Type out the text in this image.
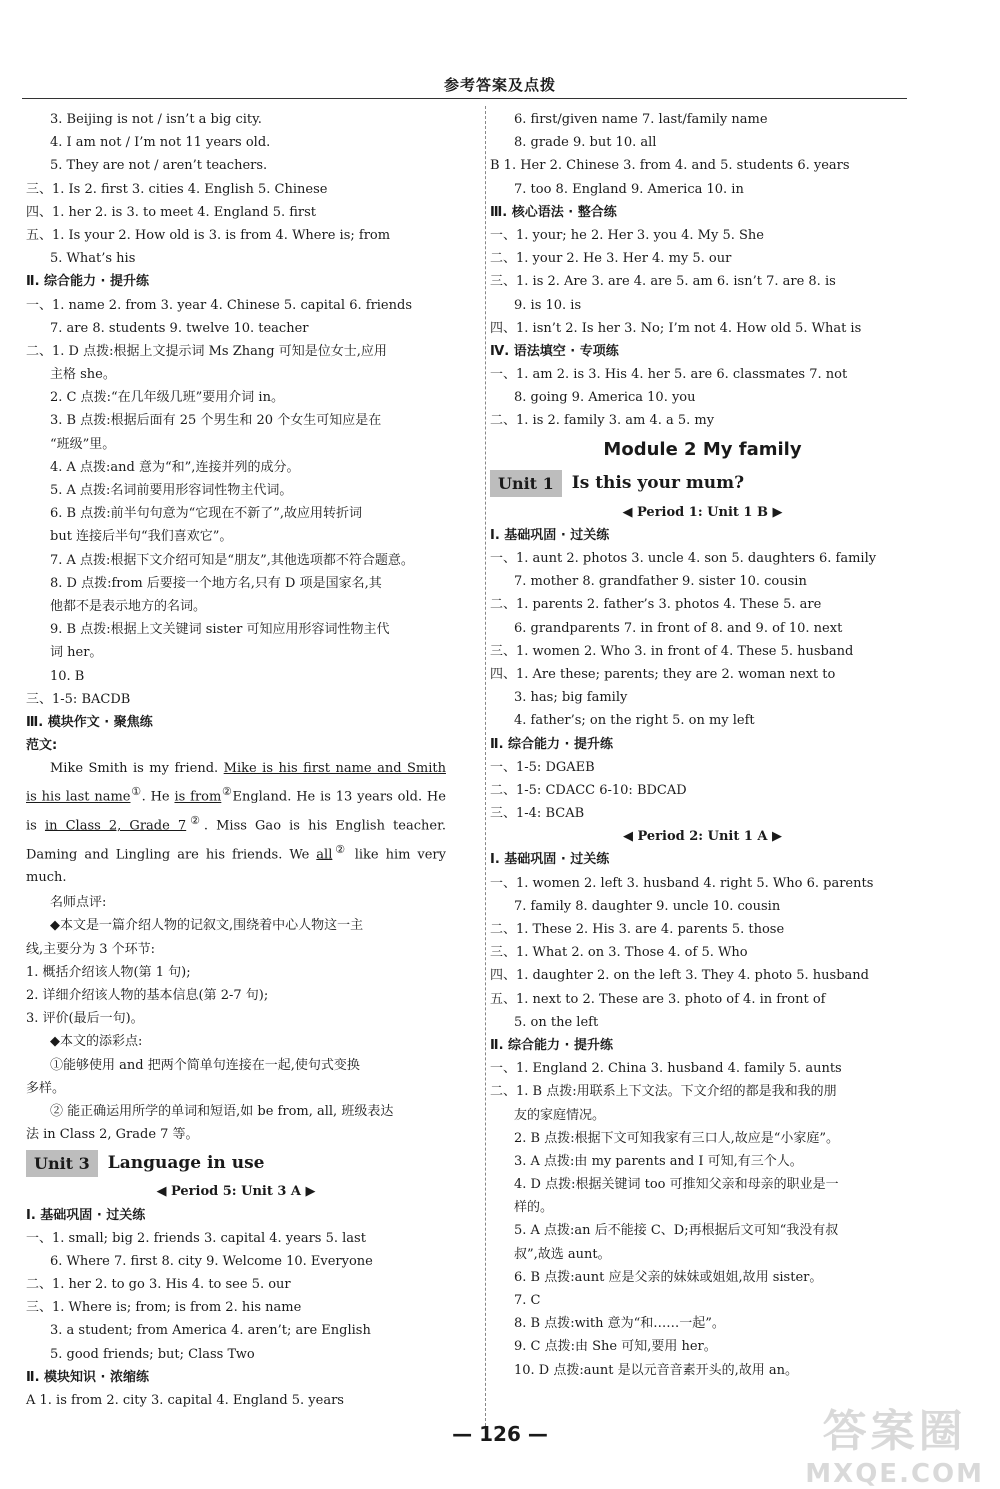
参考答案及点拨
3. Beijing is not / isn’t a big city.
4. I am not / I’m not 11 years old.
5. They are not / aren’t teachers.
三、1. Is 2. first 3. cities 4. English 5. Chinese
四、1. her 2. is 3. to meet 4. England 5. first
五、1. Is your 2. How old is 3. is from 4. Where is; from
5. What’s his
Ⅱ. 综合能力 · 提升练
一、1. name 2. from 3. year 4. Chinese 5. capital 6. friends
7. are 8. students 9. twelve 10. teacher
二、1. D 点拨:根据上文提示词 Ms Zhang 可知是位女士,应用
主格 she。
2. C 点拨:“在几年级几班”要用介词 in。
3. B 点拨:根据后面有 25 个男生和 20 个女生可知应是在
“班级”里。
4. A 点拨:and 意为“和”,连接并列的成分。
5. A 点拨:名词前要用形容词性物主代词。
6. B 点拨:前半句句意为“它现在不新了”,故应用转折词
but 连接后半句“我们喜欢它”。
7. A 点拨:根据下文介绍可知是“朋友”,其他选项都不符合题意。
8. D 点拨:from 后要接一个地方名,只有 D 项是国家名,其
他都不是表示地方的名词。
9. B 点拨:根据上文关键词 sister 可知应用形容词性物主代
词 her。
10. B
三、1-5: BACDB
Ⅲ. 模块作文 · 聚焦练
范文:
Mike Smith is my friend. Mike is his first name and Smith is his last name①. He is from②England. He is 13 years old. He is in Class 2, Grade 7②. Miss Gao is his English teacher. Daming and Lingling are his friends. We all② like him very much.
名师点评:
◆本文是一篇介绍人物的记叙文,围绕着中心人物这一主
线,主要分为 3 个环节:
1. 概括介绍该人物(第 1 句);
2. 详细介绍该人物的基本信息(第 2-7 句);
3. 评价(最后一句)。
◆本文的添彩点:
①能够使用 and 把两个简单句连接在一起,使句式变换
多样。
② 能正确运用所学的单词和短语,如 be from, all, 班级表达
法 in Class 2, Grade 7 等。
Unit 3	Language in use
◀ Period 5: Unit 3 A ▶
Ⅰ. 基础巩固 · 过关练
一、1. small; big 2. friends 3. capital 4. years 5. last
6. Where 7. first 8. city 9. Welcome 10. Everyone
二、1. her 2. to go 3. His 4. to see 5. our
三、1. Where is; from; is from 2. his name
3. a student; from America 4. aren’t; are English
5. good friends; but; Class Two
Ⅱ. 模块知识 · 浓缩练
A 1. is from 2. city 3. capital 4. England 5. years
6. first/given name 7. last/family name
8. grade 9. but 10. all
B 1. Her 2. Chinese 3. from 4. and 5. students 6. years
7. too 8. England 9. America 10. in
Ⅲ. 核心语法 · 整合练
一、1. your; he 2. Her 3. you 4. My 5. She
二、1. your 2. He 3. Her 4. my 5. our
三、1. is 2. Are 3. are 4. are 5. am 6. isn’t 7. are 8. is
9. is 10. is
四、1. isn’t 2. Is her 3. No; I’m not 4. How old 5. What is
Ⅳ. 语法填空 · 专项练
一、1. am 2. is 3. His 4. her 5. are 6. classmates 7. not
8. going 9. America 10. you
二、1. is 2. family 3. am 4. a 5. my
Module 2 My family
Unit 1	Is this your mum?
◀ Period 1: Unit 1 B ▶
Ⅰ. 基础巩固 · 过关练
一、1. aunt 2. photos 3. uncle 4. son 5. daughters 6. family
7. mother 8. grandfather 9. sister 10. cousin
二、1. parents 2. father’s 3. photos 4. These 5. are
6. grandparents 7. in front of 8. and 9. of 10. next
三、1. women 2. Who 3. in front of 4. These 5. husband
四、1. Are these; parents; they are 2. woman next to
3. has; big family
4. father’s; on the right 5. on my left
Ⅱ. 综合能力 · 提升练
一、1-5: DGAEB
二、1-5: CDACC 6-10: BDCAD
三、1-4: BCAB
◀ Period 2: Unit 1 A ▶
Ⅰ. 基础巩固 · 过关练
一、1. women 2. left 3. husband 4. right 5. Who 6. parents
7. family 8. daughter 9. uncle 10. cousin
二、1. These 2. His 3. are 4. parents 5. those
三、1. What 2. on 3. Those 4. of 5. Who
四、1. daughter 2. on the left 3. They 4. photo 5. husband
五、1. next to 2. These are 3. photo of 4. in front of
5. on the left
Ⅱ. 综合能力 · 提升练
一、1. England 2. China 3. husband 4. family 5. aunts
二、1. B 点拨:用联系上下文法。下文介绍的都是我和我的朋
友的家庭情况。
2. B 点拨:根据下文可知我家有三口人,故应是“小家庭”。
3. A 点拨:由 my parents and I 可知,有三个人。
4. D 点拨:根据关键词 too 可推知父亲和母亲的职业是一
样的。
5. A 点拨:an 后不能接 C、D;再根据后文可知“我没有叔
叔”,故选 aunt。
6. B 点拨:aunt 应是父亲的妹妹或姐姐,故用 sister。
7. C
8. B 点拨:with 意为“和……一起”。
9. C 点拨:由 She 可知,要用 her。
10. D 点拨:aunt 是以元音音素开头的,故用 an。
— 126 —	答案圈
MXQE.COM
